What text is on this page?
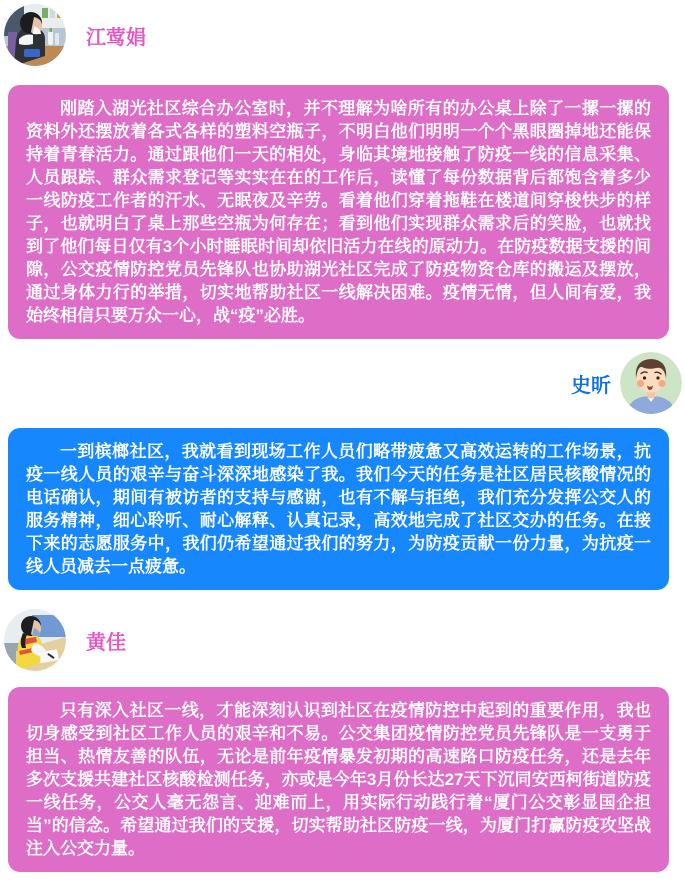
江莺娟

刚踏入湖光社区综合办公室时，并不理解为啥所有的办公桌上除了一摞一摞的资料外还摆放着各式各样的塑料空瓶子，不明白他们明明一个个黑眼圈掉地还能保持着青春活力。通过跟他们一天的相处，身临其境地接触了防疫一线的信息采集、人员跟踪、群众需求登记等实实在在的工作后，读懂了每份数据背后都饱含着多少一线防疫工作者的汗水、无眠夜及辛劳。看着他们穿着拖鞋在楼道间穿梭快步的样子，也就明白了桌上那些空瓶为何存在；看到他们实现群众需求后的笑脸，也就找到了他们每日仅有3个小时睡眠时间却依旧活力在线的原动力。在防疫数据支援的间隙，公交疫情防控党员先锋队也协助湖光社区完成了防疫物资仓库的搬运及摆放，通过身体力行的举措，切实地帮助社区一线解决困难。疫情无情，但人间有爱，我始终相信只要万众一心，战“疫”必胜。

史昕

一到槟榔社区，我就看到现场工作人员们略带疲惫又高效运转的工作场景，抗疫一线人员的艰辛与奋斗深深地感染了我。我们今天的任务是社区居民核酸情况的电话确认，期间有被访者的支持与感谢，也有不解与拒绝，我们充分发挥公交人的服务精神，细心聆听、耐心解释、认真记录，高效地完成了社区交办的任务。在接下来的志愿服务中，我们仍希望通过我们的努力，为防疫贡献一份力量，为抗疫一线人员减去一点疲惫。

黄佳

只有深入社区一线，才能深刻认识到社区在疫情防控中起到的重要作用，我也切身感受到社区工作人员的艰辛和不易。公交集团疫情防控党员先锋队是一支勇于担当、热情友善的队伍，无论是前年疫情暴发初期的高速路口防疫任务，还是去年多次支援共建社区核酸检测任务，亦或是今年3月份长达27天下沉同安西柯街道防疫一线任务，公交人毫无怨言、迎难而上，用实际行动践行着“厦门公交彰显国企担当”的信念。希望通过我们的支援，切实帮助社区防疫一线，为厦门打赢防疫攻坚战注入公交力量。
